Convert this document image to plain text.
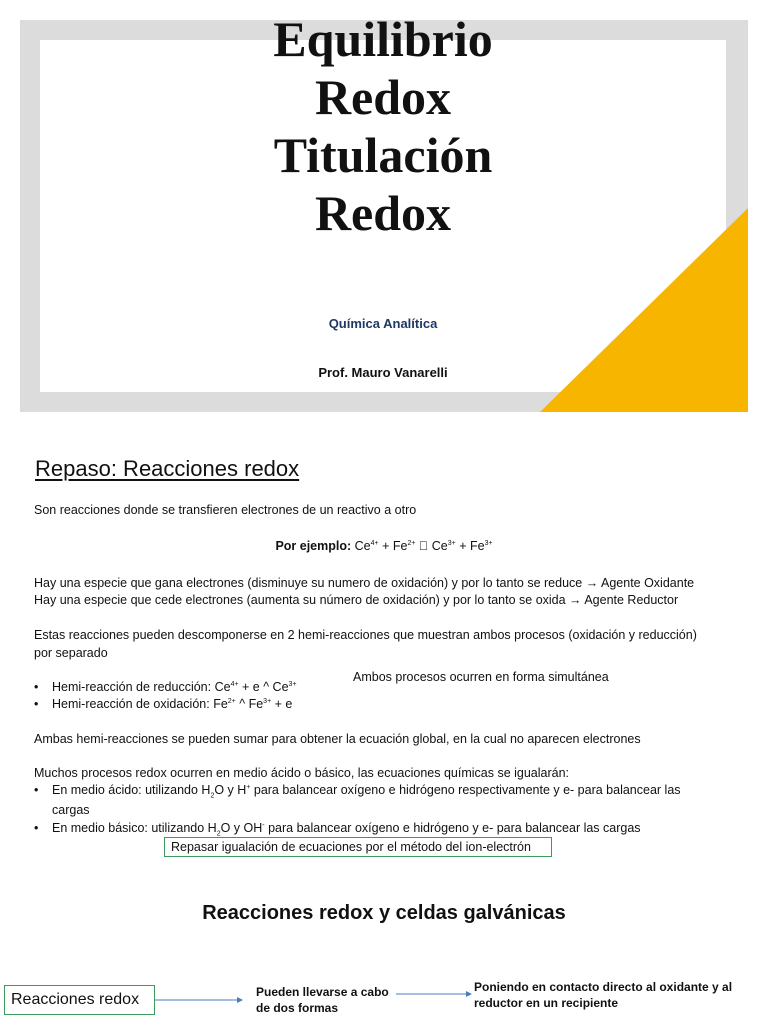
Equilibrio
Redox
Titulación
Redox
Química Analítica
Prof. Mauro Vanarelli
Repaso: Reacciones redox
Son reacciones donde se transfieren electrones de un reactivo a otro
Por ejemplo: $Ce^{4+} + Fe^{2+}$ $Ce^{3+} + Fe^{3+}$
Hay una especie que gana electrones (disminuye su numero de oxidación) y por lo tanto se reduce → Agente Oxidante
Hay una especie que cede electrones (aumenta su número de oxidación) y por lo tanto se oxida → Agente Reductor
Estas reacciones pueden descomponerse en 2 hemi-reacciones que muestran ambos procesos (oxidación y reducción)
por separado
Ambos procesos ocurren en forma simultánea
• Hemi-reacción de reducción: $Ce^{4+} + e$ ^ $Ce^{3+}$
• Hemi-reacción de oxidación: $Fe^{2+}$ ^ $Fe^{3+} + e$
Ambas hemi-reacciones se pueden sumar para obtener la ecuación global, en la cual no aparecen electrones
Muchos procesos redox ocurren en medio ácido o básico, las ecuaciones químicas se igualarán:
• En medio ácido: utilizando $H_2O$ y H+ para balancear oxígeno e hidrógeno respectivamente y e- para balancear las
cargas
• En medio básico: utilizando $H_2O$ y OH- para balancear oxígeno e hidrógeno y e- para balancear las cargas
Repasar igualación de ecuaciones por el método del ion-electrón
Reacciones redox y celdas galvánicas
Reacciones redox	Pueden llevarse a cabo
de dos formas
Poniendo en contacto directo al oxidante y al
reductor en un recipiente
